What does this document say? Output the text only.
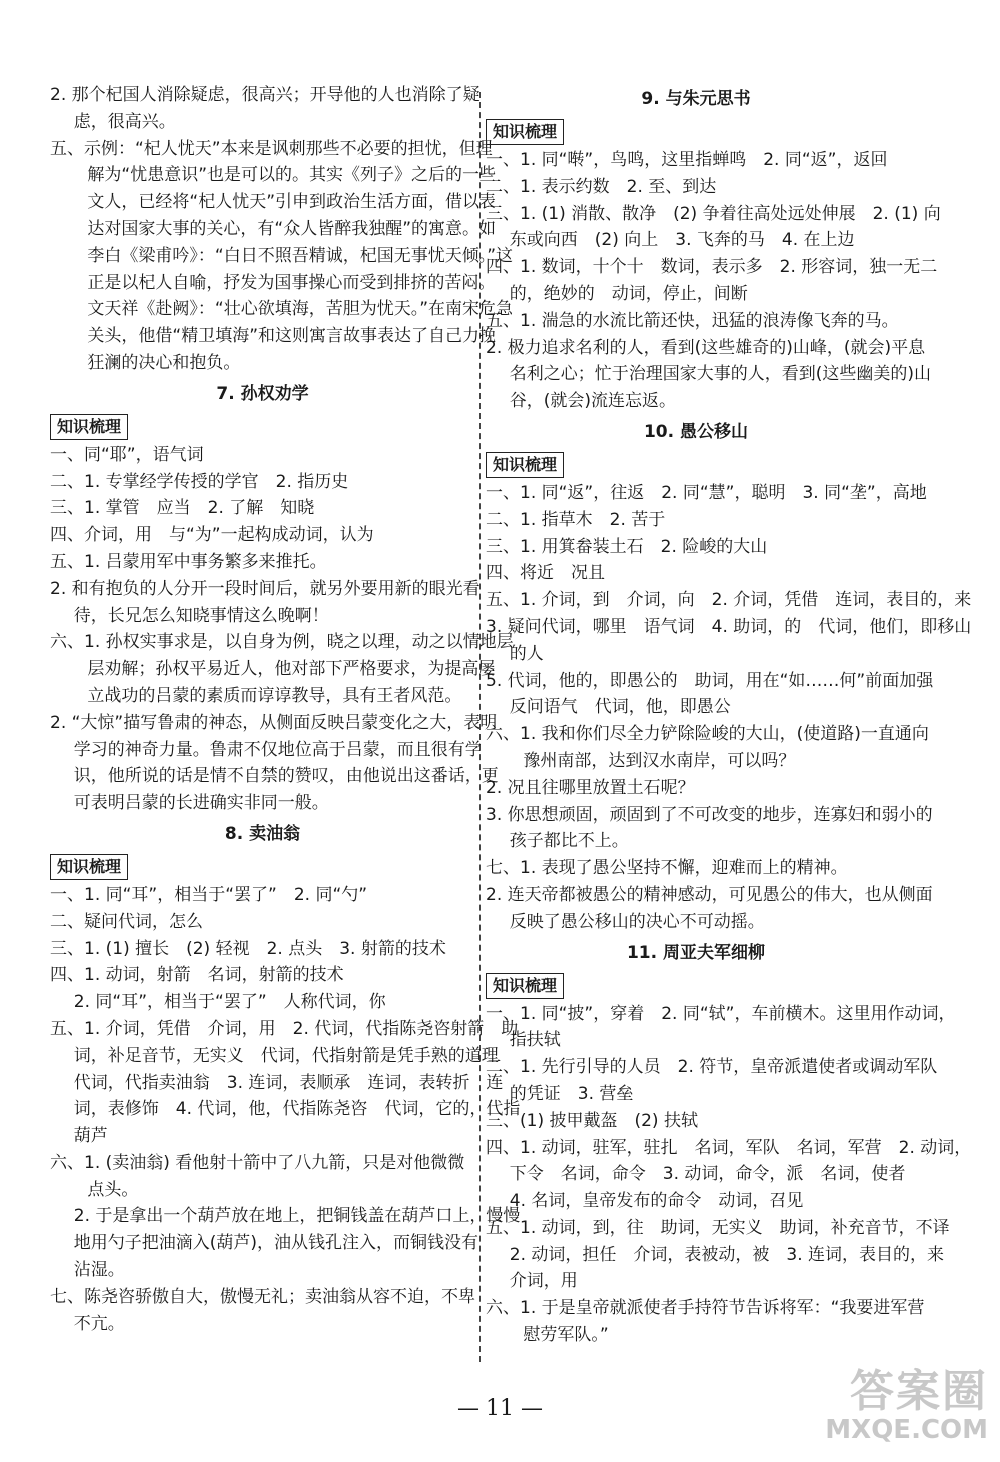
2. 那个杞国人消除疑虑，很高兴；开导他的人也消除了疑
虑，很高兴。
五、示例：“杞人忧天”本来是讽刺那些不必要的担忧，但理
解为“忧患意识”也是可以的。其实《列子》之后的一些
文人，已经将“杞人忧天”引申到政治生活方面，借以表
达对国家大事的关心，有“众人皆醉我独醒”的寓意。如
李白《梁甫吟》：“白日不照吾精诚，杞国无事忧天倾。”这
正是以杞人自喻，抒发为国事操心而受到排挤的苦闷。
文天祥《赴阙》：“壮心欲填海，苦胆为忧天。”在南宋危急
关头，他借“精卫填海”和这则寓言故事表达了自己力挽
狂澜的决心和抱负。
7. 孙权劝学
知识梳理
一、同“耶”，语气词
二、1. 专掌经学传授的学官　2. 指历史
三、1. 掌管　应当　2. 了解　知晓
四、介词，用　与“为”一起构成动词，认为
五、1. 吕蒙用军中事务繁多来推托。
2. 和有抱负的人分开一段时间后，就另外要用新的眼光看
待，长兄怎么知晓事情这么晚啊！
六、1. 孙权实事求是，以自身为例，晓之以理，动之以情地层
层劝解；孙权平易近人，他对部下严格要求，为提高屡
立战功的吕蒙的素质而谆谆教导，具有王者风范。
2. “大惊”描写鲁肃的神态，从侧面反映吕蒙变化之大，表明
学习的神奇力量。鲁肃不仅地位高于吕蒙，而且很有学
识，他所说的话是情不自禁的赞叹，由他说出这番话，更
可表明吕蒙的长进确实非同一般。
8. 卖油翁
知识梳理
一、1. 同“耳”，相当于“罢了”　2. 同“勺”
二、疑问代词，怎么
三、1. (1) 擅长　(2) 轻视　2. 点头　3. 射箭的技术
四、1. 动词，射箭　名词，射箭的技术
2. 同“耳”，相当于“罢了”　人称代词，你
五、1. 介词，凭借　介词，用　2. 代词，代指陈尧咨射箭　助
词，补足音节，无实义　代词，代指射箭是凭手熟的道理
代词，代指卖油翁　3. 连词，表顺承　连词，表转折　连
词，表修饰　4. 代词，他，代指陈尧咨　代词，它的，代指
葫芦
六、1. (卖油翁) 看他射十箭中了八九箭，只是对他微微
点头。
2. 于是拿出一个葫芦放在地上，把铜钱盖在葫芦口上，慢慢
地用勺子把油滴入(葫芦)，油从钱孔注入，而铜钱没有
沾湿。
七、陈尧咨骄傲自大，傲慢无礼；卖油翁从容不迫，不卑
不亢。
9. 与朱元思书
知识梳理
一、1. 同“啭”，鸟鸣，这里指蝉鸣　2. 同“返”，返回
二、1. 表示约数　2. 至、到达
三、1. (1) 消散、散净　(2) 争着往高处远处伸展　2. (1) 向
东或向西　(2) 向上　3. 飞奔的马　4. 在上边
四、1. 数词，十个十　数词，表示多　2. 形容词，独一无二
的，绝妙的　动词，停止，间断
五、1. 湍急的水流比箭还快，迅猛的浪涛像飞奔的马。
2. 极力追求名利的人，看到(这些雄奇的)山峰，(就会)平息
名利之心；忙于治理国家大事的人，看到(这些幽美的)山
谷，(就会)流连忘返。
10. 愚公移山
知识梳理
一、1. 同“返”，往返　2. 同“慧”，聪明　3. 同“垄”，高地
二、1. 指草木　2. 苦于
三、1. 用箕畚装土石　2. 险峻的大山
四、将近　况且
五、1. 介词，到　介词，向　2. 介词，凭借　连词，表目的，来
3. 疑问代词，哪里　语气词　4. 助词，的　代词，他们，即移山
的人
5. 代词，他的，即愚公的　助词，用在“如……何”前面加强
反问语气　代词，他，即愚公
六、1. 我和你们尽全力铲除险峻的大山，(使道路)一直通向
豫州南部，达到汉水南岸，可以吗？
2. 况且往哪里放置土石呢？
3. 你思想顽固，顽固到了不可改变的地步，连寡妇和弱小的
孩子都比不上。
七、1. 表现了愚公坚持不懈，迎难而上的精神。
2. 连天帝都被愚公的精神感动，可见愚公的伟大，也从侧面
反映了愚公移山的决心不可动摇。
11. 周亚夫军细柳
知识梳理
一、1. 同“披”，穿着　2. 同“轼”，车前横木。这里用作动词，
指扶轼
二、1. 先行引导的人员　2. 符节，皇帝派遣使者或调动军队
的凭证　3. 营垒
三、(1) 披甲戴盔　(2) 扶轼
四、1. 动词，驻军，驻扎　名词，军队　名词，军营　2. 动词，
下令　名词，命令　3. 动词，命令，派　名词，使者
4. 名词，皇帝发布的命令　动词，召见
五、1. 动词，到，往　助词，无实义　助词，补充音节，不译
2. 动词，担任　介词，表被动，被　3. 连词，表目的，来
介词，用
六、1. 于是皇帝就派使者手持符节告诉将军：“我要进军营
慰劳军队。”
— 11 —	答案圈
MXQE.COM
